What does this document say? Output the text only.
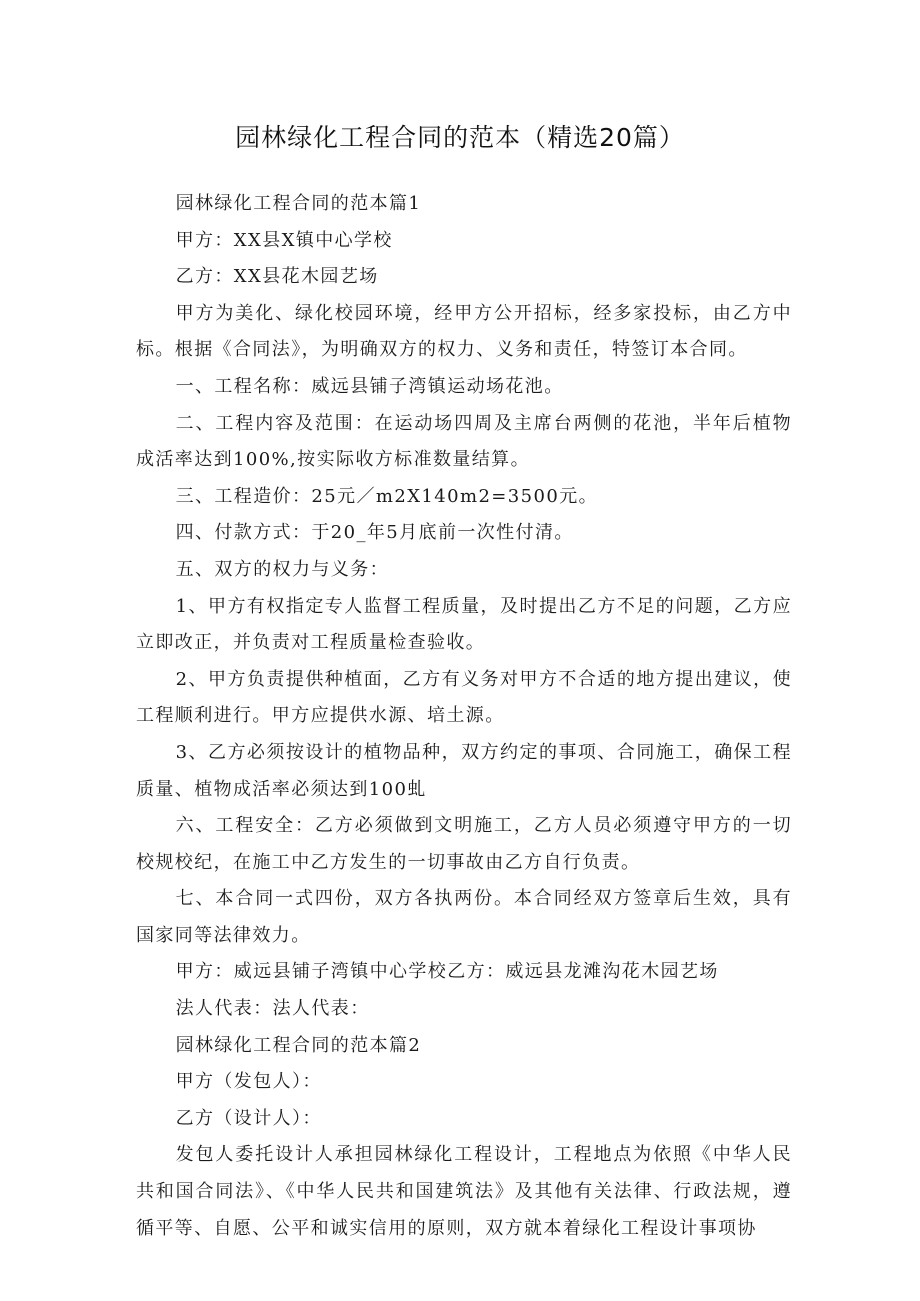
园林绿化工程合同的范本（精选20篇）

园林绿化工程合同的范本篇1

甲方：XX县X镇中心学校

乙方：XX县花木园艺场

甲方为美化、绿化校园环境，经甲方公开招标，经多家投标，由乙方中标。根据《合同法》，为明确双方的权力、义务和责任，特签订本合同。

一、工程名称：威远县铺子湾镇运动场花池。

二、工程内容及范围：在运动场四周及主席台两侧的花池，半年后植物成活率达到100%,按实际收方标准数量结算。

三、工程造价：25元／m2X140m2=3500元。

四、付款方式：于20_年5月底前一次性付清。

五、双方的权力与义务：

1、甲方有权指定专人监督工程质量，及时提出乙方不足的问题，乙方应立即改正，并负责对工程质量检查验收。

2、甲方负责提供种植面，乙方有义务对甲方不合适的地方提出建议，使工程顺利进行。甲方应提供水源、培土源。

3、乙方必须按设计的植物品种，双方约定的事项、合同施工，确保工程质量、植物成活率必须达到100虬

六、工程安全：乙方必须做到文明施工，乙方人员必须遵守甲方的一切校规校纪，在施工中乙方发生的一切事故由乙方自行负责。

七、本合同一式四份，双方各执两份。本合同经双方签章后生效，具有国家同等法律效力。

甲方：威远县铺子湾镇中心学校乙方：威远县龙滩沟花木园艺场

法人代表：法人代表：

园林绿化工程合同的范本篇2

甲方（发包人）：

乙方（设计人）：

发包人委托设计人承担园林绿化工程设计，工程地点为依照《中华人民共和国合同法》、《中华人民共和国建筑法》及其他有关法律、行政法规，遵循平等、自愿、公平和诚实信用的原则，双方就本着绿化工程设计事项协
